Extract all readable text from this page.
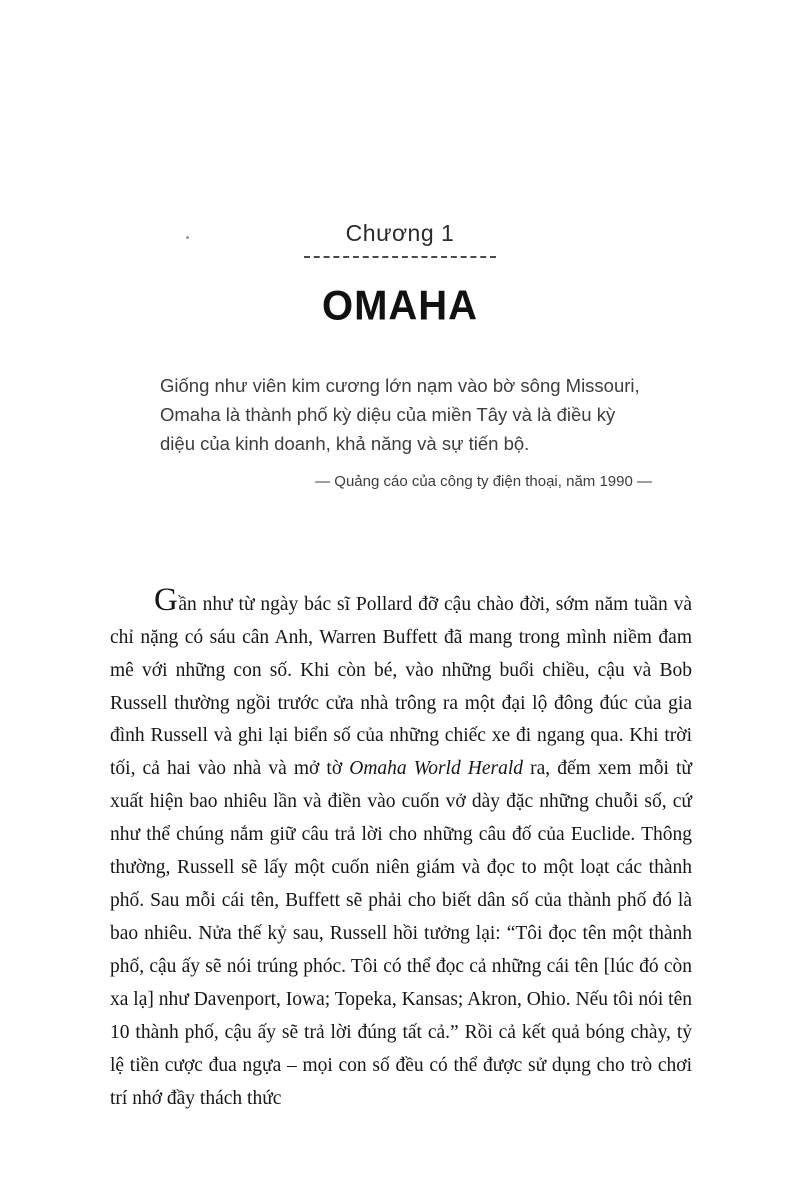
Chương 1
OMAHA
Giống như viên kim cương lớn nạm vào bờ sông Missouri, Omaha là thành phố kỳ diệu của miền Tây và là điều kỳ diệu của kinh doanh, khả năng và sự tiến bộ.
— Quảng cáo của công ty điện thoại, năm 1990 —

Gần như từ ngày bác sĩ Pollard đỡ cậu chào đời, sớm năm tuần và chỉ nặng có sáu cân Anh, Warren Buffett đã mang trong mình niềm đam mê với những con số. Khi còn bé, vào những buổi chiều, cậu và Bob Russell thường ngồi trước cửa nhà trông ra một đại lộ đông đúc của gia đình Russell và ghi lại biển số của những chiếc xe đi ngang qua. Khi trời tối, cả hai vào nhà và mở tờ Omaha World Herald ra, đếm xem mỗi từ xuất hiện bao nhiêu lần và điền vào cuốn vở dày đặc những chuỗi số, cứ như thể chúng nắm giữ câu trả lời cho những câu đố của Euclide. Thông thường, Russell sẽ lấy một cuốn niên giám và đọc to một loạt các thành phố. Sau mỗi cái tên, Buffett sẽ phải cho biết dân số của thành phố đó là bao nhiêu. Nửa thế kỷ sau, Russell hồi tưởng lại: “Tôi đọc tên một thành phố, cậu ấy sẽ nói trúng phóc. Tôi có thể đọc cả những cái tên [lúc đó còn xa lạ] như Davenport, Iowa; Topeka, Kansas; Akron, Ohio. Nếu tôi nói tên 10 thành phố, cậu ấy sẽ trả lời đúng tất cả.” Rồi cả kết quả bóng chày, tỷ lệ tiền cược đua ngựa – mọi con số đều có thể được sử dụng cho trò chơi trí nhớ đầy thách thức
